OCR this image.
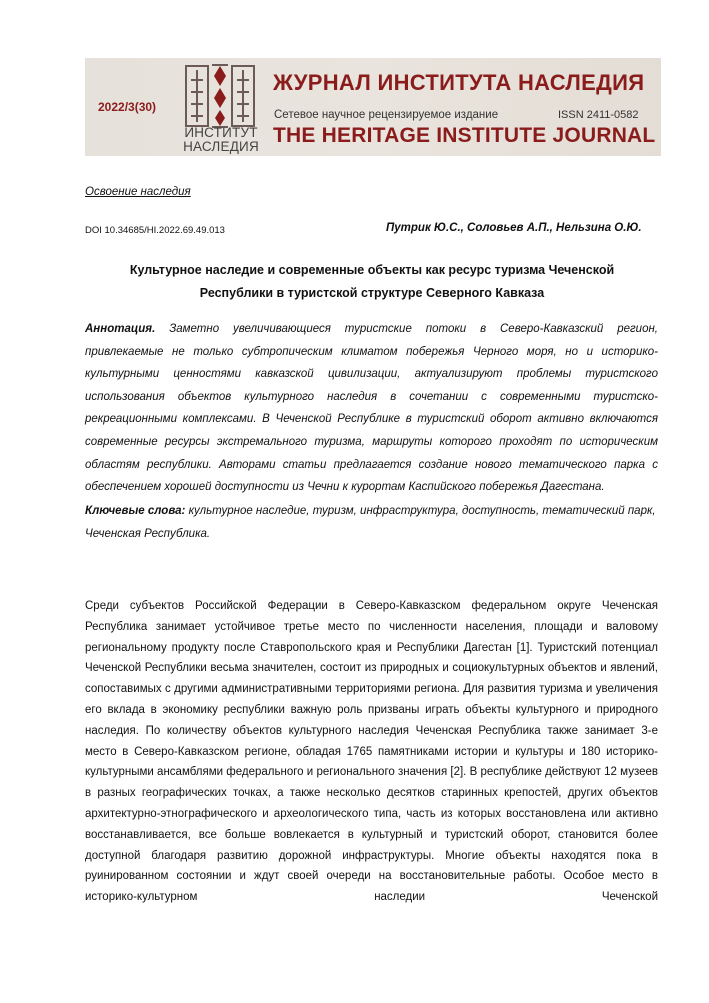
2022/3(30)
ИНСТИТУТ
НАСЛЕДИЯ
ЖУРНАЛ ИНСТИТУТА НАСЛЕДИЯ
Сетевое научное рецензируемое издание	ISSN 2411-0582
THE HERITAGE INSTITUTE JOURNAL
Освоение наследия
DOI 10.34685/HI.2022.69.49.013	Путрик Ю.С., Соловьев А.П., Нельзина О.Ю.
Культурное наследие и современные объекты как ресурс туризма Чеченской Республики в туристской структуре Северного Кавказа
Аннотация. Заметно увеличивающиеся туристские потоки в Северо-Кавказский регион, привлекаемые не только субтропическим климатом побережья Черного моря, но и историко-культурными ценностями кавказской цивилизации, актуализируют проблемы туристского использования объектов культурного наследия в сочетании с современными туристско-рекреационными комплексами. В Чеченской Республике в туристский оборот активно включаются современные ресурсы экстремального туризма, маршруты которого проходят по историческим областям республики. Авторами статьи предлагается создание нового тематического парка с обеспечением хорошей доступности из Чечни к курортам Каспийского побережья Дагестана.
Ключевые слова: культурное наследие, туризм, инфраструктура, доступность, тематический парк, Чеченская Республика.
Среди субъектов Российской Федерации в Северо-Кавказском федеральном округе Чеченская Республика занимает устойчивое третье место по численности населения, площади и валовому региональному продукту после Ставропольского края и Республики Дагестан [1]. Туристский потенциал Чеченской Республики весьма значителен, состоит из природных и социокультурных объектов и явлений, сопоставимых с другими административными территориями региона. Для развития туризма и увеличения его вклада в экономику республики важную роль призваны играть объекты культурного и природного наследия. По количеству объектов культурного наследия Чеченская Республика также занимает 3-е место в Северо-Кавказском регионе, обладая 1765 памятниками истории и культуры и 180 историко-культурными ансамблями федерального и регионального значения [2]. В республике действуют 12 музеев в разных географических точках, а также несколько десятков старинных крепостей, других объектов архитектурно-этнографического и археологического типа, часть из которых восстановлена или активно восстанавливается, все больше вовлекается в культурный и туристский оборот, становится более доступной благодаря развитию дорожной инфраструктуры. Многие объекты находятся пока в руинированном состоянии и ждут своей очереди на восстановительные работы. Особое место в историко-культурном наследии Чеченской
